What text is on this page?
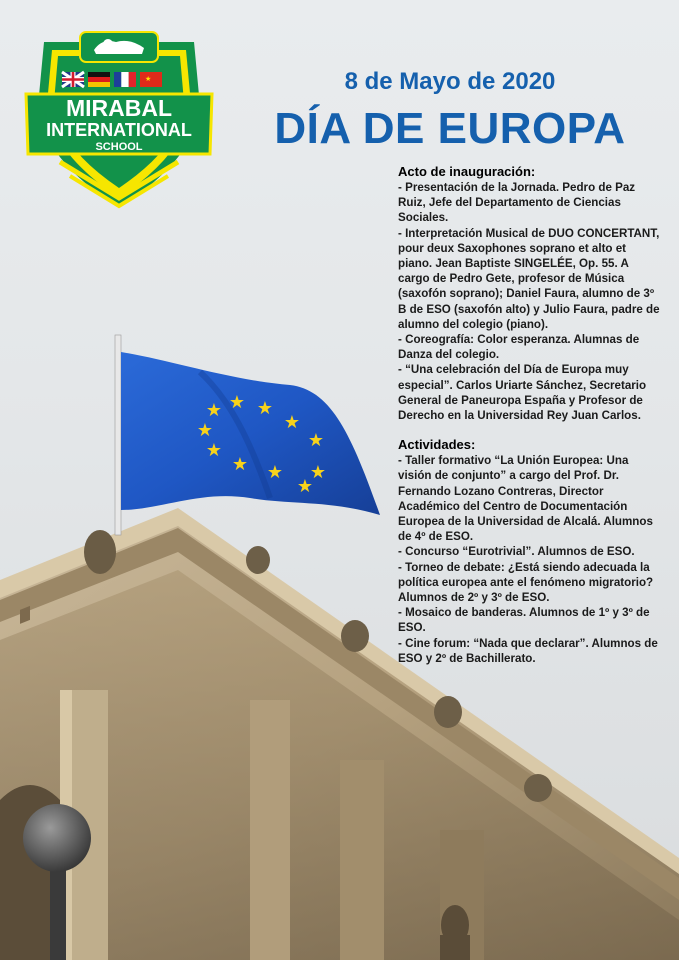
★ ★ ★
★
★
★
★
★
★
★
★
★
MIRABAL
INTERNATIONAL
SCHOOL
8 de Mayo de 2020
DÍA DE EUROPA
Acto de inauguración:
- Presentación de la Jornada. Pedro de Paz Ruiz, Jefe del Departamento de Ciencias Sociales.
- Interpretación Musical de DUO CONCERTANT, pour deux Saxophones soprano et alto et piano. Jean Baptiste SINGELÉE, Op. 55. A cargo de Pedro Gete, profesor de Música (saxofón soprano); Daniel Faura, alumno de 3º B de ESO (saxofón alto) y Julio Faura, padre de alumno del colegio (piano).
- Coreografía: Color esperanza. Alumnas de Danza del colegio.
- “Una celebración del Día de Europa muy especial”. Carlos Uriarte Sánchez, Secretario General de Paneuropa España y Profesor de Derecho en la Universidad Rey Juan Carlos.
Actividades:
- Taller formativo “La Unión Europea: Una visión de conjunto” a cargo del Prof. Dr. Fernando Lozano Contreras, Director Académico del Centro de Documentación Europea de la Universidad de Alcalá. Alumnos de 4º de ESO.
- Concurso “Eurotrivial”. Alumnos de ESO.
- Torneo de debate: ¿Está siendo adecuada la política europea ante el fenómeno migratorio? Alumnos de 2º y 3º de ESO.
- Mosaico de banderas. Alumnos de 1º y 3º de ESO.
- Cine forum: “Nada que declarar”. Alumnos de ESO y 2º de Bachillerato.
